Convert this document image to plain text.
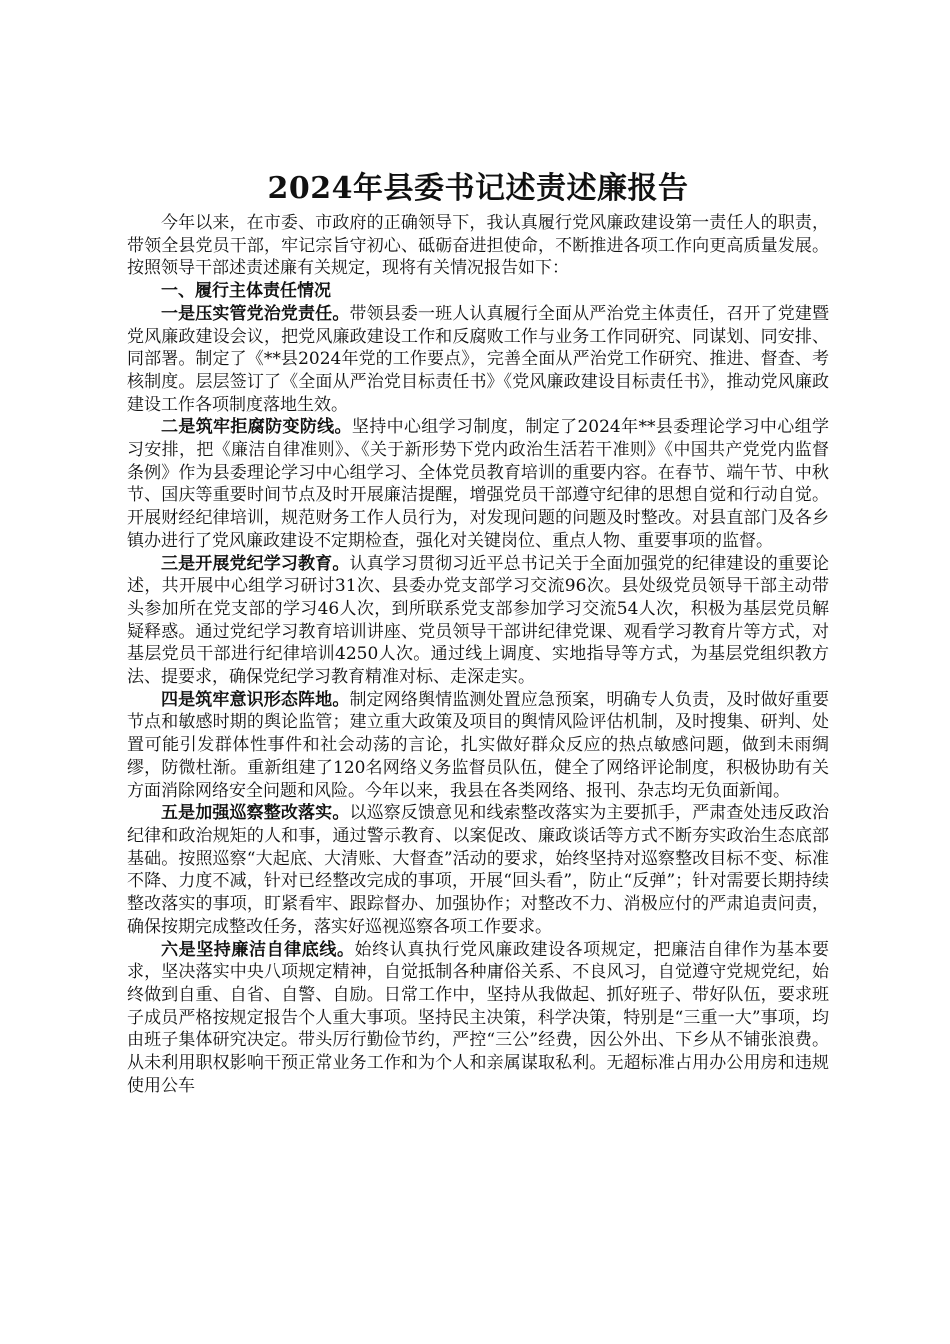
2024年县委书记述责述廉报告

今年以来，在市委、市政府的正确领导下，我认真履行党风廉政建设第一责任人的职责，带领全县党员干部，牢记宗旨守初心、砥砺奋进担使命，不断推进各项工作向更高质量发展。按照领导干部述责述廉有关规定，现将有关情况报告如下：

一、履行主体责任情况

一是压实管党治党责任。带领县委一班人认真履行全面从严治党主体责任，召开了党建暨党风廉政建设会议，把党风廉政建设工作和反腐败工作与业务工作同研究、同谋划、同安排、同部署。制定了《**县2024年党的工作要点》，完善全面从严治党工作研究、推进、督查、考核制度。层层签订了《全面从严治党目标责任书》《党风廉政建设目标责任书》，推动党风廉政建设工作各项制度落地生效。

二是筑牢拒腐防变防线。坚持中心组学习制度，制定了2024年**县委理论学习中心组学习安排，把《廉洁自律准则》、《关于新形势下党内政治生活若干准则》《中国共产党党内监督条例》作为县委理论学习中心组学习、全体党员教育培训的重要内容。在春节、端午节、中秋节、国庆等重要时间节点及时开展廉洁提醒，增强党员干部遵守纪律的思想自觉和行动自觉。开展财经纪律培训，规范财务工作人员行为，对发现问题的问题及时整改。对县直部门及各乡镇办进行了党风廉政建设不定期检查，强化对关键岗位、重点人物、重要事项的监督。

三是开展党纪学习教育。认真学习贯彻习近平总书记关于全面加强党的纪律建设的重要论述，共开展中心组学习研讨31次、县委办党支部学习交流96次。县处级党员领导干部主动带头参加所在党支部的学习46人次，到所联系党支部参加学习交流54人次，积极为基层党员解疑释惑。通过党纪学习教育培训讲座、党员领导干部讲纪律党课、观看学习教育片等方式，对基层党员干部进行纪律培训4250人次。通过线上调度、实地指导等方式，为基层党组织教方法、提要求，确保党纪学习教育精准对标、走深走实。

四是筑牢意识形态阵地。制定网络舆情监测处置应急预案，明确专人负责，及时做好重要节点和敏感时期的舆论监管；建立重大政策及项目的舆情风险评估机制，及时搜集、研判、处置可能引发群体性事件和社会动荡的言论，扎实做好群众反应的热点敏感问题，做到未雨绸缪，防微杜渐。重新组建了120名网络义务监督员队伍，健全了网络评论制度，积极协助有关方面消除网络安全问题和风险。今年以来，我县在各类网络、报刊、杂志均无负面新闻。

五是加强巡察整改落实。以巡察反馈意见和线索整改落实为主要抓手，严肃查处违反政治纪律和政治规矩的人和事，通过警示教育、以案促改、廉政谈话等方式不断夯实政治生态底部基础。按照巡察“大起底、大清账、大督查”活动的要求，始终坚持对巡察整改目标不变、标准不降、力度不减，针对已经整改完成的事项，开展“回头看”，防止“反弹”；针对需要长期持续整改落实的事项，盯紧看牢、跟踪督办、加强协作；对整改不力、消极应付的严肃追责问责，确保按期完成整改任务，落实好巡视巡察各项工作要求。

六是坚持廉洁自律底线。始终认真执行党风廉政建设各项规定，把廉洁自律作为基本要求，坚决落实中央八项规定精神，自觉抵制各种庸俗关系、不良风习，自觉遵守党规党纪，始终做到自重、自省、自警、自励。日常工作中，坚持从我做起、抓好班子、带好队伍，要求班子成员严格按规定报告个人重大事项。坚持民主决策，科学决策，特别是“三重一大”事项，均由班子集体研究决定。带头厉行勤俭节约，严控“三公”经费，因公外出、下乡从不铺张浪费。从未利用职权影响干预正常业务工作和为个人和亲属谋取私利。无超标准占用办公用房和违规使用公车
